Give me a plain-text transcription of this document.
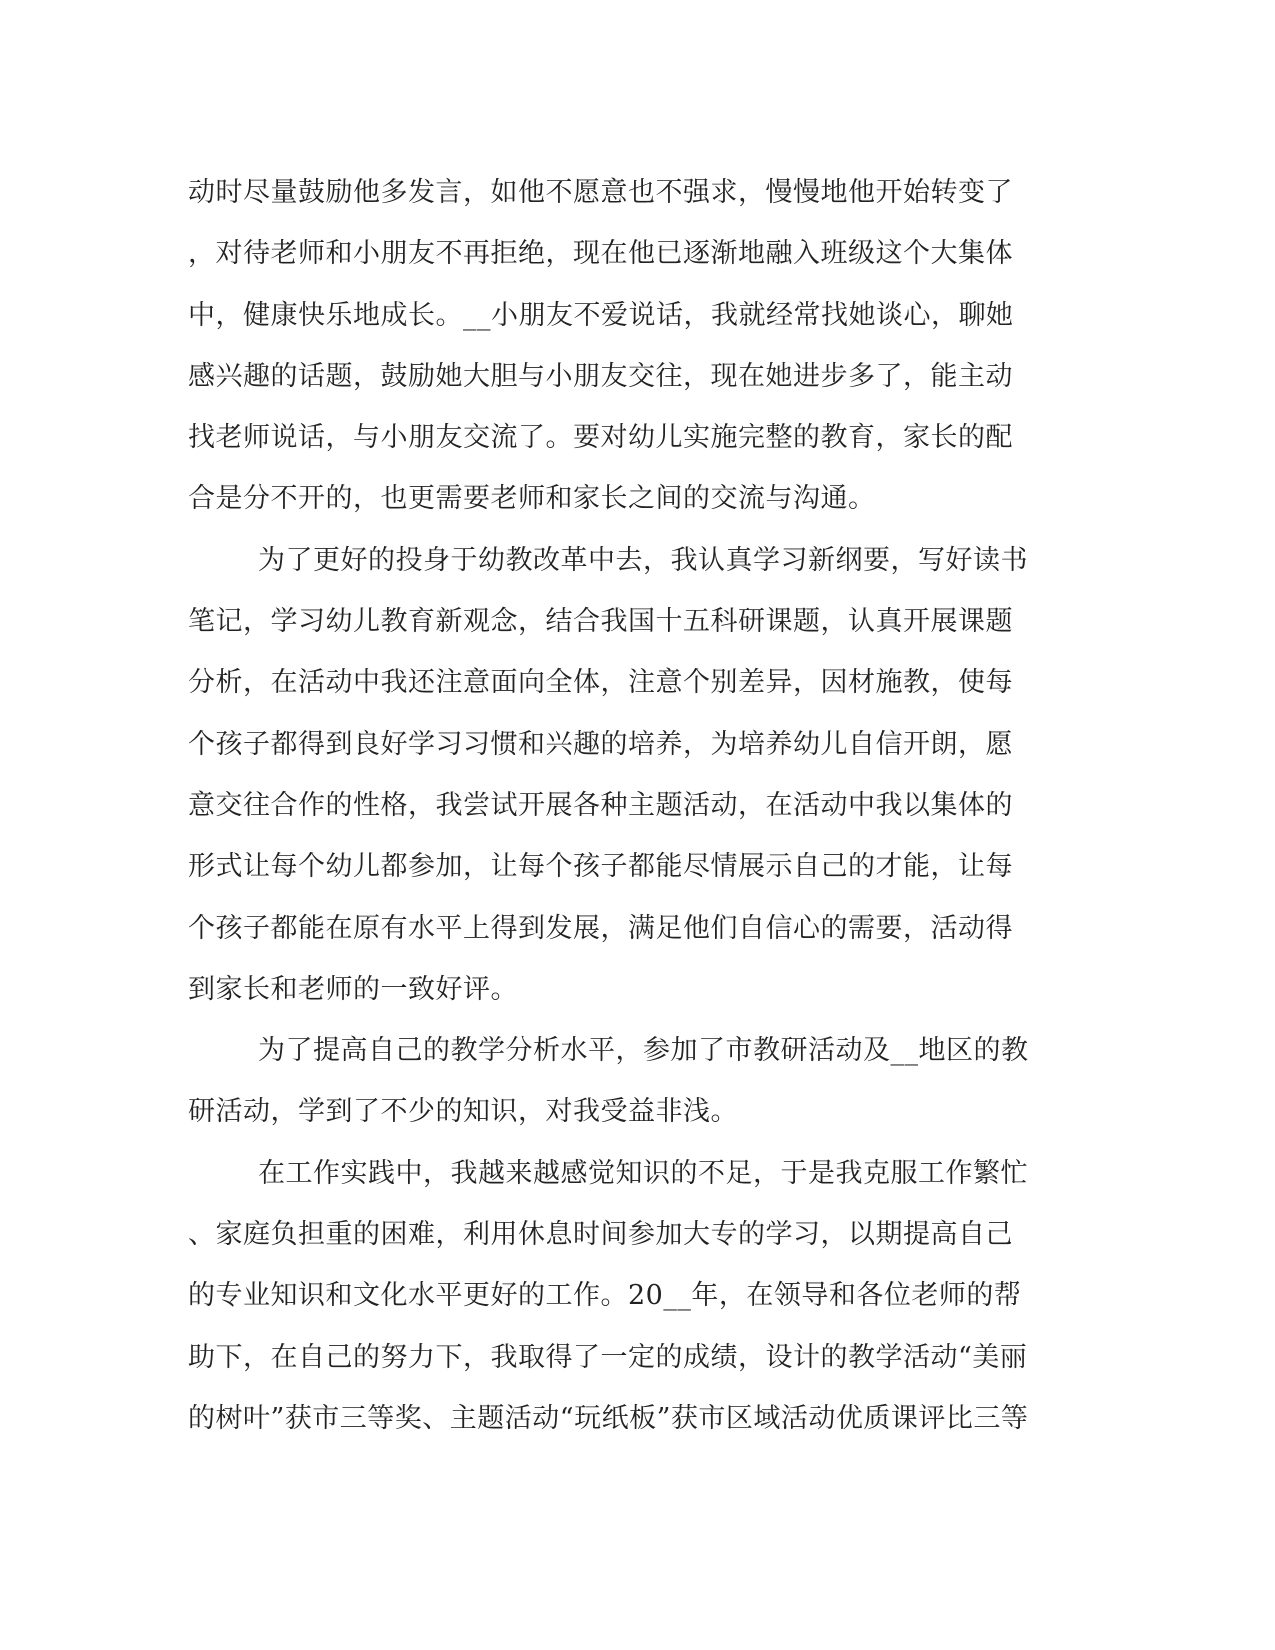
动时尽量鼓励他多发言，如他不愿意也不强求，慢慢地他开始转变了
，对待老师和小朋友不再拒绝，现在他已逐渐地融入班级这个大集体
中，健康快乐地成长。__小朋友不爱说话，我就经常找她谈心，聊她
感兴趣的话题，鼓励她大胆与小朋友交往，现在她进步多了，能主动
找老师说话，与小朋友交流了。要对幼儿实施完整的教育，家长的配
合是分不开的，也更需要老师和家长之间的交流与沟通。
为了更好的投身于幼教改革中去，我认真学习新纲要，写好读书
笔记，学习幼儿教育新观念，结合我国十五科研课题，认真开展课题
分析，在活动中我还注意面向全体，注意个别差异，因材施教，使每
个孩子都得到良好学习习惯和兴趣的培养，为培养幼儿自信开朗，愿
意交往合作的性格，我尝试开展各种主题活动，在活动中我以集体的
形式让每个幼儿都参加，让每个孩子都能尽情展示自己的才能，让每
个孩子都能在原有水平上得到发展，满足他们自信心的需要，活动得
到家长和老师的一致好评。
为了提高自己的教学分析水平，参加了市教研活动及__地区的教
研活动，学到了不少的知识，对我受益非浅。
在工作实践中，我越来越感觉知识的不足，于是我克服工作繁忙
、家庭负担重的困难，利用休息时间参加大专的学习，以期提高自己
的专业知识和文化水平更好的工作。20__年，在领导和各位老师的帮
助下，在自己的努力下，我取得了一定的成绩，设计的教学活动“美丽
的树叶”获市三等奖、主题活动“玩纸板”获市区域活动优质课评比三等
